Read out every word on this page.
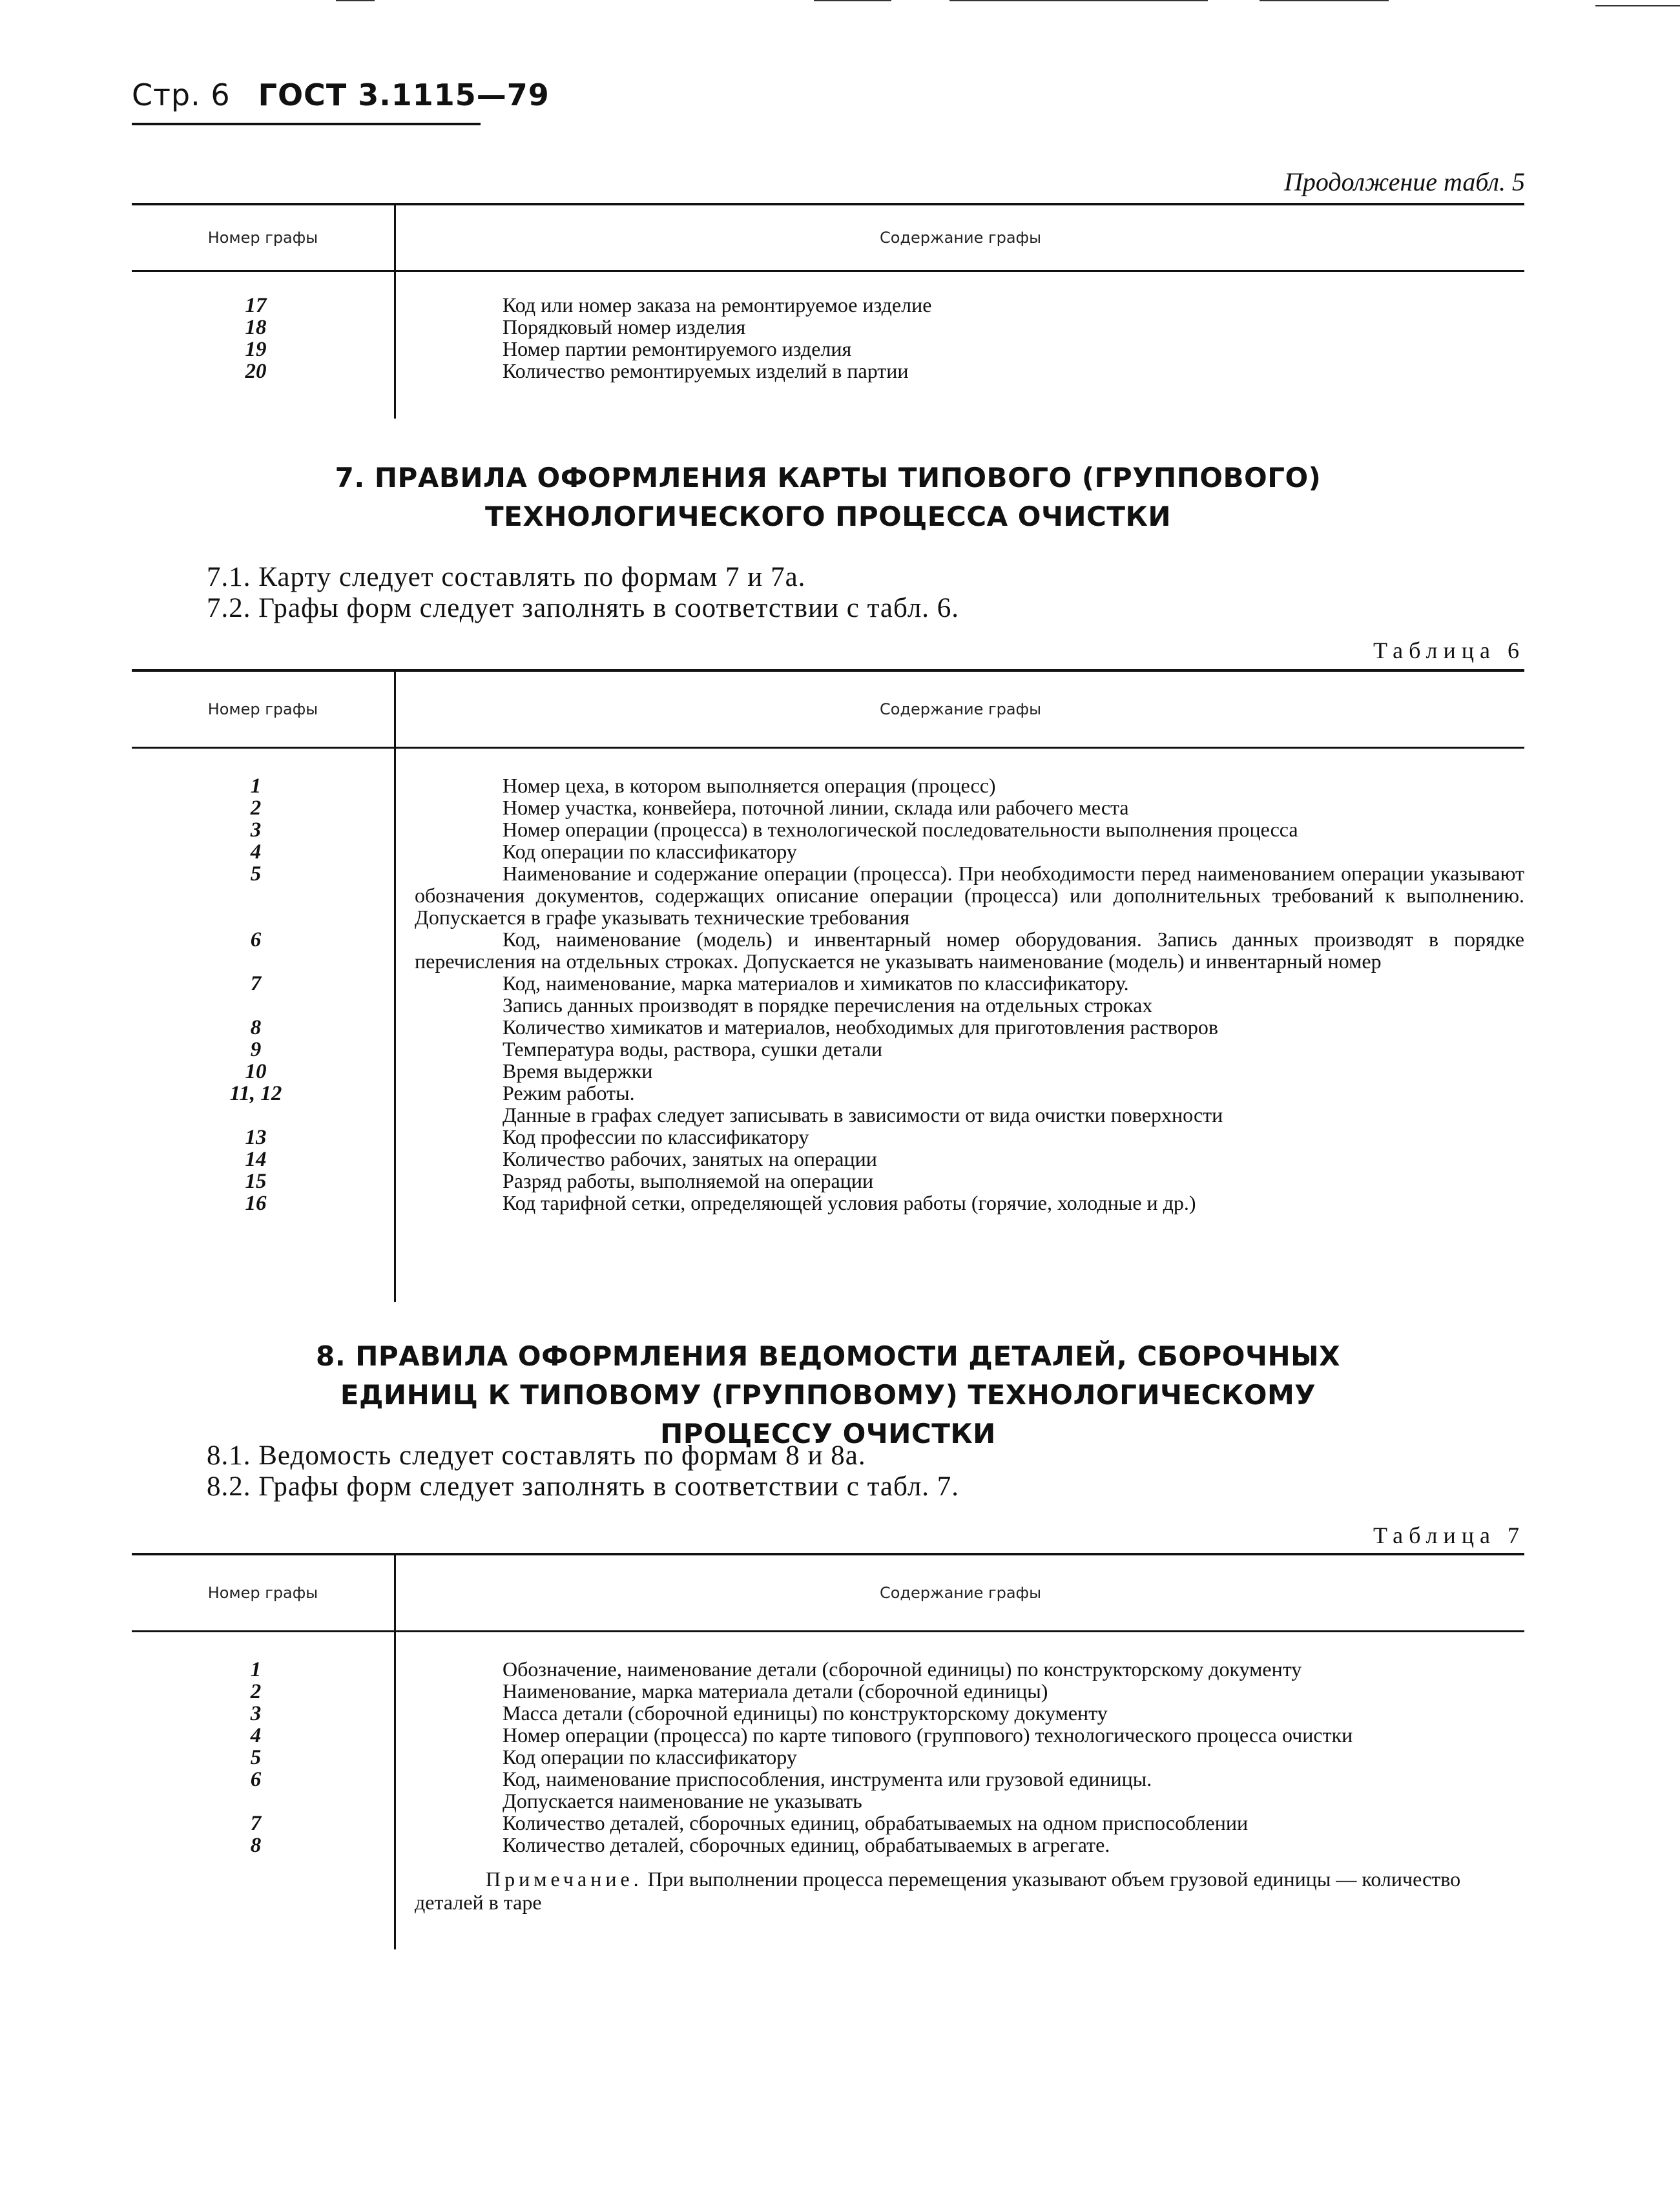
Стр. 6 ГОСТ 3.1115—79
Продолжение табл. 5
Номер графы	Содержание графы
17	Код или номер заказа на ремонтируемое изделие
18	Порядковый номер изделия
19	Номер партии ремонтируемого изделия
20	Количество ремонтируемых изделий в партии
7. ПРАВИЛА ОФОРМЛЕНИЯ КАРТЫ ТИПОВОГО (ГРУППОВОГО) ТЕХНОЛОГИЧЕСКОГО ПРОЦЕССА ОЧИСТКИ
7.1. Карту следует составлять по формам 7 и 7а.
7.2. Графы форм следует заполнять в соответствии с табл. 6.
Таблица 6
Номер графы	Содержание графы
1	Номер цеха, в котором выполняется операция (процесс)
2	Номер участка, конвейера, поточной линии, склада или рабочего места
3	Номер операции (процесса) в технологической последовательности выполнения процесса
4	Код операции по классификатору
5	Наименование и содержание операции (процесса). При необходимости перед наименованием операции указывают обозначения документов, содержащих описание операции (процесса) или дополнительных требований к выполнению. Допускается в графе указывать технические требования
6	Код, наименование (модель) и инвентарный номер оборудования. Запись данных производят в порядке перечисления на отдельных строках. Допускается не указывать наименование (модель) и инвентарный номер
7	Код, наименование, марка материалов и химикатов по классификатору.
Запись данных производят в порядке перечисления на отдельных строках
8	Количество химикатов и материалов, необходимых для приготовления растворов
9	Температура воды, раствора, сушки детали
10	Время выдержки
11, 12	Режим работы.
Данные в графах следует записывать в зависимости от вида очистки поверхности
13	Код профессии по классификатору
14	Количество рабочих, занятых на операции
15	Разряд работы, выполняемой на операции
16	Код тарифной сетки, определяющей условия работы (горячие, холодные и др.)
8. ПРАВИЛА ОФОРМЛЕНИЯ ВЕДОМОСТИ ДЕТАЛЕЙ, СБОРОЧНЫХ ЕДИНИЦ К ТИПОВОМУ (ГРУППОВОМУ) ТЕХНОЛОГИЧЕСКОМУ ПРОЦЕССУ ОЧИСТКИ
8.1. Ведомость следует составлять по формам 8 и 8а.
8.2. Графы форм следует заполнять в соответствии с табл. 7.
Таблица 7
Номер графы	Содержание графы
1	Обозначение, наименование детали (сборочной единицы) по конструкторскому документу
2	Наименование, марка материала детали (сборочной единицы)
3	Масса детали (сборочной единицы) по конструкторскому документу
4	Номер операции (процесса) по карте типового (группового) технологического процесса очистки
5	Код операции по классификатору
6	Код, наименование приспособления, инструмента или грузовой единицы.
Допускается наименование не указывать
7	Количество деталей, сборочных единиц, обрабатываемых на одном приспособлении
8	Количество деталей, сборочных единиц, обрабатываемых в агрегате.
Примечание. При выполнении процесса перемещения указывают объем грузовой единицы — количество деталей в таре
